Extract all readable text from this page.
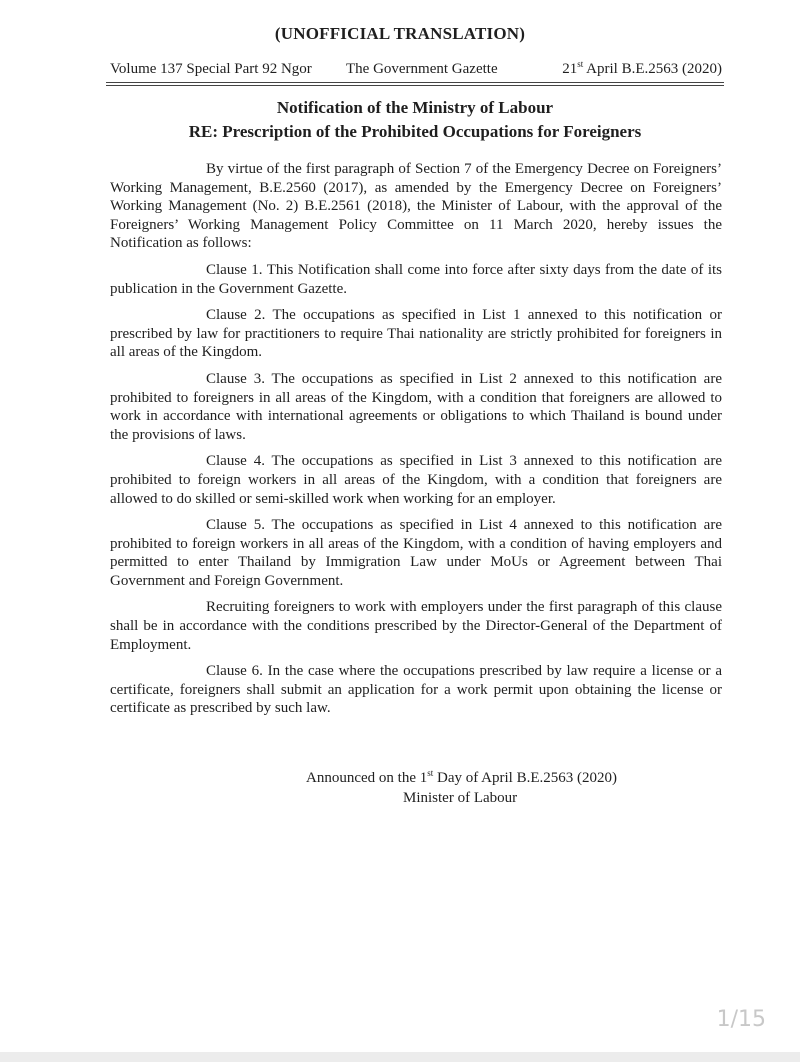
(UNOFFICIAL TRANSLATION)
Volume 137 Special Part 92 Ngor The Government Gazette	21st April B.E.2563 (2020)
Notification of the Ministry of Labour
RE: Prescription of the Prohibited Occupations for Foreigners

By virtue of the first paragraph of Section 7 of the Emergency Decree on Foreigners’ Working Management, B.E.2560 (2017), as amended by the Emergency Decree on Foreigners’ Working Management (No. 2) B.E.2561 (2018), the Minister of Labour, with the approval of the Foreigners’ Working Management Policy Committee on 11 March 2020, hereby issues the Notification as follows:

Clause 1. This Notification shall come into force after sixty days from the date of its publication in the Government Gazette.

Clause 2. The occupations as specified in List 1 annexed to this notification or prescribed by law for practitioners to require Thai nationality are strictly prohibited for foreigners in all areas of the Kingdom.

Clause 3. The occupations as specified in List 2 annexed to this notification are prohibited to foreigners in all areas of the Kingdom, with a condition that foreigners are allowed to work in accordance with international agreements or obligations to which Thailand is bound under the provisions of laws.

Clause 4. The occupations as specified in List 3 annexed to this notification are prohibited to foreign workers in all areas of the Kingdom, with a condition that foreigners are allowed to do skilled or semi-skilled work when working for an employer.

Clause 5. The occupations as specified in List 4 annexed to this notification are prohibited to foreign workers in all areas of the Kingdom, with a condition of having employers and permitted to enter Thailand by Immigration Law under MoUs or Agreement between Thai Government and Foreign Government.

Recruiting foreigners to work with employers under the first paragraph of this clause shall be in accordance with the conditions prescribed by the Director-General of the Department of Employment.

Clause 6. In the case where the occupations prescribed by law require a license or a certificate, foreigners shall submit an application for a work permit upon obtaining the license or certificate as prescribed by such law.

Announced on the 1st Day of April B.E.2563 (2020)
Minister of Labour
1/15
